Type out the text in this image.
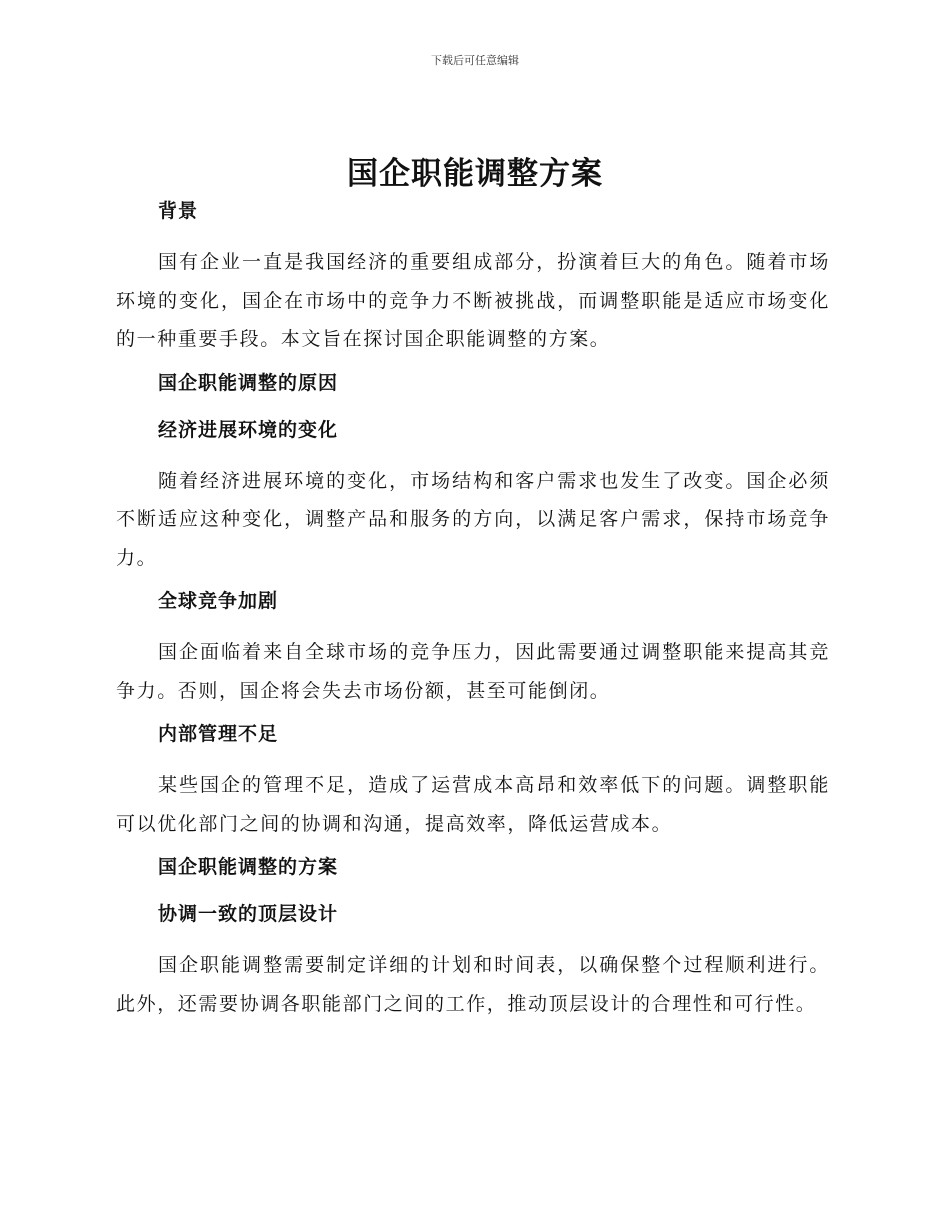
下载后可任意编辑
国企职能调整方案
背景

国有企业一直是我国经济的重要组成部分，扮演着巨大的角色。随着市场环境的变化，国企在市场中的竞争力不断被挑战，而调整职能是适应市场变化的一种重要手段。本文旨在探讨国企职能调整的方案。

国企职能调整的原因
经济进展环境的变化

随着经济进展环境的变化，市场结构和客户需求也发生了改变。国企必须不断适应这种变化，调整产品和服务的方向，以满足客户需求，保持市场竞争力。

全球竞争加剧

国企面临着来自全球市场的竞争压力，因此需要通过调整职能来提高其竞争力。否则，国企将会失去市场份额，甚至可能倒闭。

内部管理不足

某些国企的管理不足，造成了运营成本高昂和效率低下的问题。调整职能可以优化部门之间的协调和沟通，提高效率，降低运营成本。

国企职能调整的方案
协调一致的顶层设计

国企职能调整需要制定详细的计划和时间表，以确保整个过程顺利进行。此外，还需要协调各职能部门之间的工作，推动顶层设计的合理性和可行性。
